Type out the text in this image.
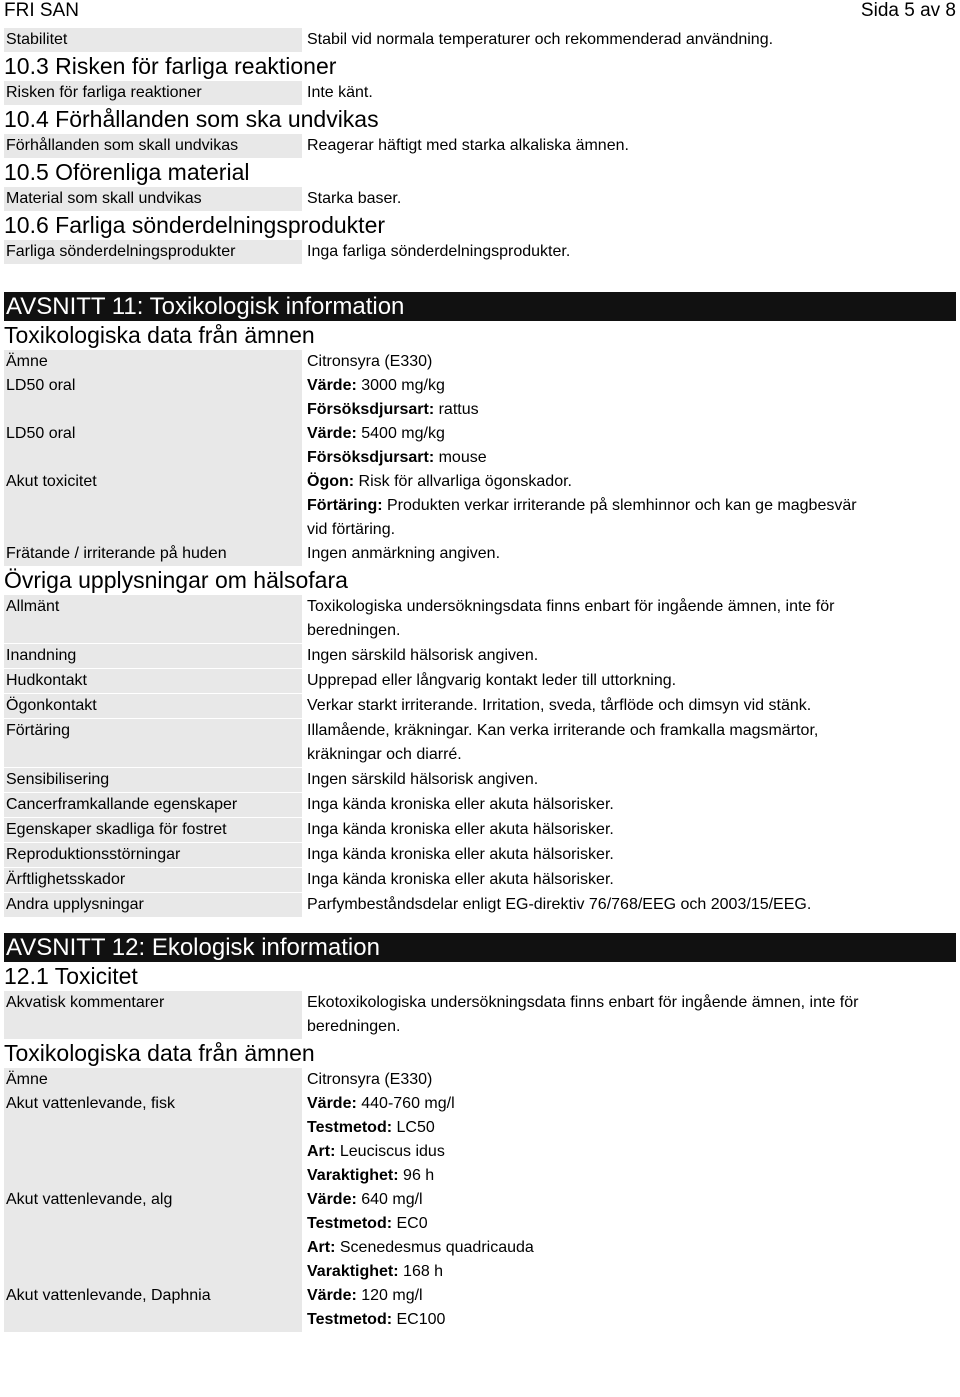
FRI SAN	Sida 5 av 8
Stabilitet	Stabil vid normala temperaturer och rekommenderad användning.
10.3 Risken för farliga reaktioner
Risken för farliga reaktioner	Inte känt.
10.4 Förhållanden som ska undvikas
Förhållanden som skall undvikas	Reagerar häftigt med starka alkaliska ämnen.
10.5 Oförenliga material
Material som skall undvikas	Starka baser.
10.6 Farliga sönderdelningsprodukter
Farliga sönderdelningsprodukter	Inga farliga sönderdelningsprodukter.
AVSNITT 11: Toxikologisk information
Toxikologiska data från ämnen
Ämne	Citronsyra (E330)
LD50 oral	Värde: 3000 mg/kg
Försöksdjursart: rattus
LD50 oral	Värde: 5400 mg/kg
Försöksdjursart: mouse
Akut toxicitet	Ögon: Risk för allvarliga ögonskador.
Förtäring: Produkten verkar irriterande på slemhinnor och kan ge magbesvär
vid förtäring.
Frätande / irriterande på huden	Ingen anmärkning angiven.
Övriga upplysningar om hälsofara
Allmänt	Toxikologiska undersökningsdata finns enbart för ingående ämnen, inte för
beredningen.
Inandning	Ingen särskild hälsorisk angiven.
Hudkontakt	Upprepad eller långvarig kontakt leder till uttorkning.
Ögonkontakt	Verkar starkt irriterande. Irritation, sveda, tårflöde och dimsyn vid stänk.
Förtäring	Illamående, kräkningar. Kan verka irriterande och framkalla magsmärtor,
kräkningar och diarré.
Sensibilisering	Ingen särskild hälsorisk angiven.
Cancerframkallande egenskaper	Inga kända kroniska eller akuta hälsorisker.
Egenskaper skadliga för fostret	Inga kända kroniska eller akuta hälsorisker.
Reproduktionsstörningar	Inga kända kroniska eller akuta hälsorisker.
Ärftlighetsskador	Inga kända kroniska eller akuta hälsorisker.
Andra upplysningar	Parfymbeståndsdelar enligt EG-direktiv 76/768/EEG och 2003/15/EEG.
AVSNITT 12: Ekologisk information
12.1 Toxicitet
Akvatisk kommentarer	Ekotoxikologiska undersökningsdata finns enbart för ingående ämnen, inte för
beredningen.
Toxikologiska data från ämnen
Ämne	Citronsyra (E330)
Akut vattenlevande, fisk	Värde: 440-760 mg/l
Testmetod: LC50
Art: Leuciscus idus
Varaktighet: 96 h
Akut vattenlevande, alg	Värde: 640 mg/l
Testmetod: EC0
Art: Scenedesmus quadricauda
Varaktighet: 168 h
Akut vattenlevande, Daphnia	Värde: 120 mg/l
Testmetod: EC100
